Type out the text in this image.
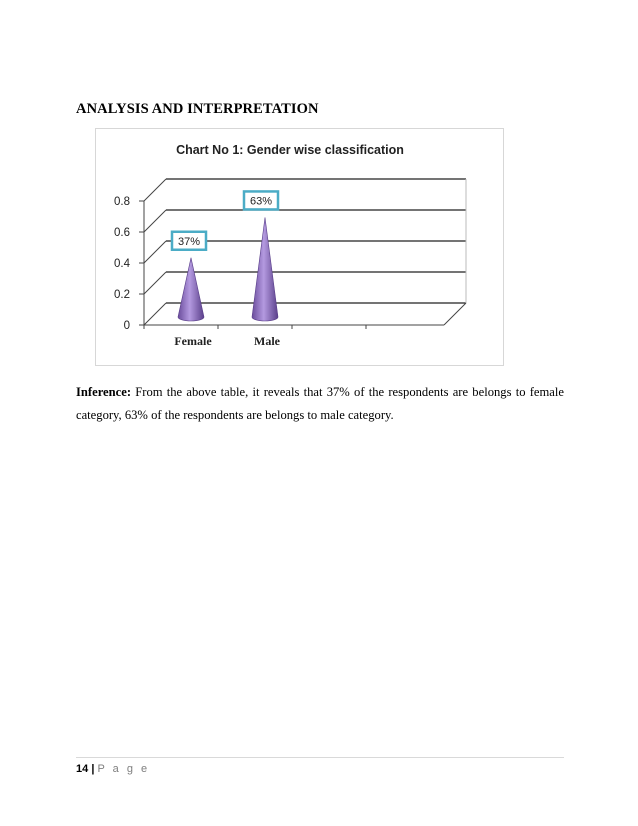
ANALYSIS AND INTERPRETATION
Chart No 1: Gender wise classification
0
0.2
0.4
0.6
0.8
37%
63%
Female	Male
Inference: From the above table, it reveals that 37% of the respondents are belongs to female
category, 63% of the respondents are belongs to male category.
14 | P a g e
